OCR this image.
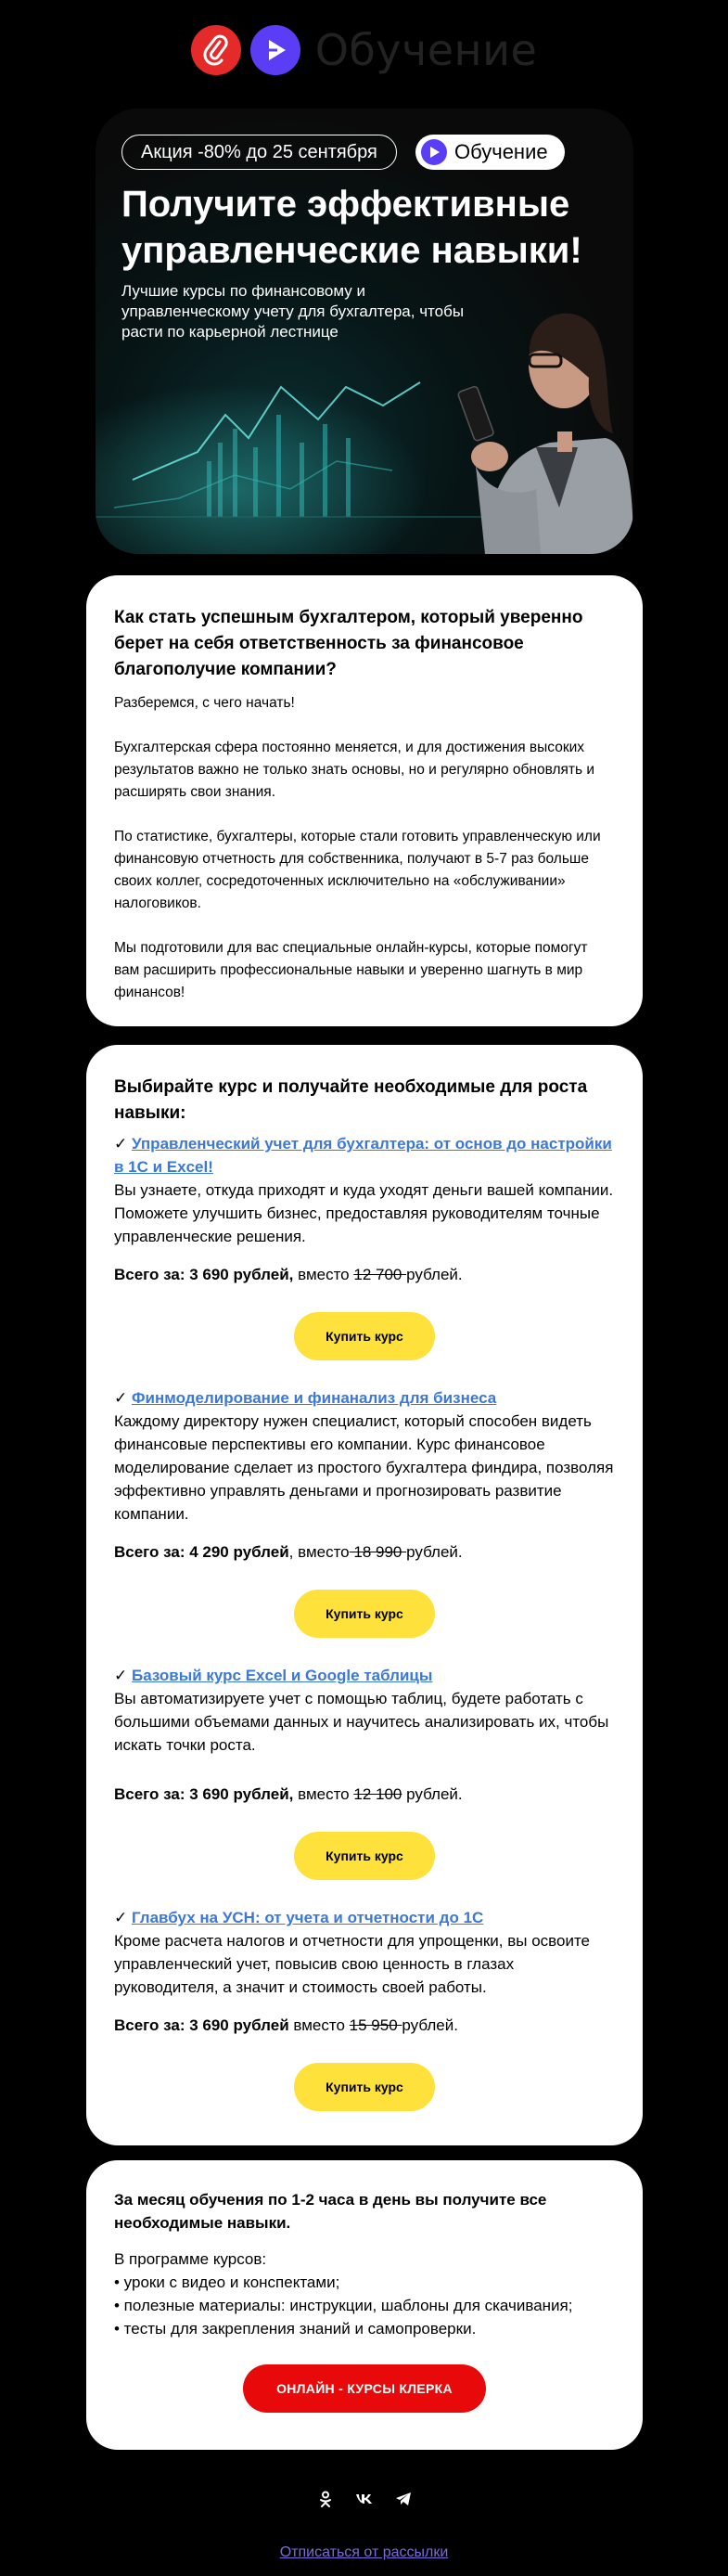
Обучение
Акция -80% до 25 сентября	Обучение
Получите эффективные управленческие навыки!

Лучшие курсы по финансовому и управленческому учету для бухгалтера, чтобы расти по карьерной лестнице

Как стать успешным бухгалтером, который уверенно берет на себя ответственность за финансовое благополучие компании?

Разберемся, с чего начать!

Бухгалтерская сфера постоянно меняется, и для достижения высоких результатов важно не только знать основы, но и регулярно обновлять и расширять свои знания.

По статистике, бухгалтеры, которые стали готовить управленческую или финансовую отчетность для собственника, получают в 5-7 раз больше своих коллег, сосредоточенных исключительно на «обслуживании» налоговиков.

Мы подготовили для вас специальные онлайн-курсы, которые помогут вам расширить профессиональные навыки и уверенно шагнуть в мир финансов!

Выбирайте курс и получайте необходимые для роста навыки:
✓ Управленческий учет для бухгалтера: от основ до настройки в 1С и Excel!
Вы узнаете, откуда приходят и куда уходят деньги вашей компании. Поможете улучшить бизнес, предоставляя руководителям точные управленческие решения.
Всего за: 3 690 рублей, вместо 12 700 рублей.
Купить курс
✓ Финмоделирование и финанализ для бизнеса
Каждому директору нужен специалист, который способен видеть финансовые перспективы его компании. Курс финансовое моделирование сделает из простого бухгалтера финдира, позволяя эффективно управлять деньгами и прогнозировать развитие компании.
Всего за: 4 290 рублей, вместо 18 990 рублей.
Купить курс
✓ Базовый курс Excel и Google таблицы
Вы автоматизируете учет с помощью таблиц, будете работать с большими объемами данных и научитесь анализировать их, чтобы искать точки роста.
Всего за: 3 690 рублей, вместо 12 100 рублей.
Купить курс
✓ Главбух на УСН: от учета и отчетности до 1С
Кроме расчета налогов и отчетности для упрощенки, вы освоите управленческий учет, повысив свою ценность в глазах руководителя, а значит и стоимость своей работы.
Всего за: 3 690 рублей вместо 15 950 рублей.
Купить курс
За месяц обучения по 1-2 часа в день вы получите все необходимые навыки.
В программе курсов:
• уроки с видео и конспектами;
• полезные материалы: инструкции, шаблоны для скачивания;
• тесты для закрепления знаний и самопроверки.
ОНЛАЙН - КУРСЫ КЛЕРКА
Отписаться от рассылки
